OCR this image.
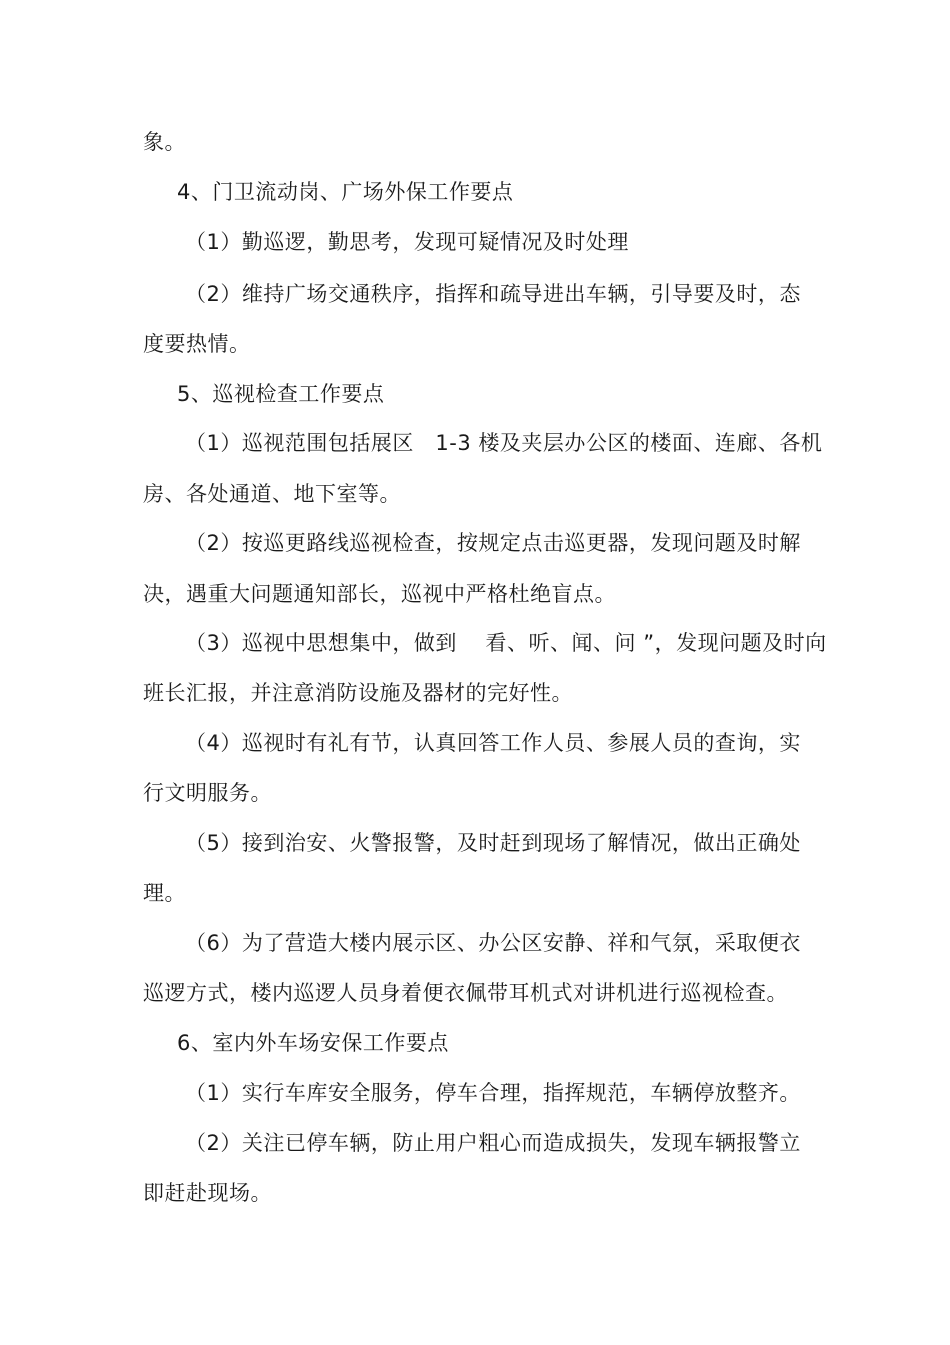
象。
4、门卫流动岗、广场外保工作要点
（1）勤巡逻，勤思考，发现可疑情况及时处理
（2）维持广场交通秩序，指挥和疏导进出车辆，引导要及时，态
度要热情。
5、巡视检查工作要点
（1）巡视范围包括展区   1-3 楼及夹层办公区的楼面、连廊、各机
房、各处通道、地下室等。
（2）按巡更路线巡视检查，按规定点击巡更器，发现问题及时解
决，遇重大问题通知部长，巡视中严格杜绝盲点。
（3）巡视中思想集中，做到    看、听、闻、问 ”，发现问题及时向
班长汇报，并注意消防设施及器材的完好性。
（4）巡视时有礼有节，认真回答工作人员、参展人员的查询，实
行文明服务。
（5）接到治安、火警报警，及时赶到现场了解情况，做出正确处
理。
（6）为了营造大楼内展示区、办公区安静、祥和气氛，采取便衣
巡逻方式，楼内巡逻人员身着便衣佩带耳机式对讲机进行巡视检查。
6、室内外车场安保工作要点
（1）实行车库安全服务，停车合理，指挥规范，车辆停放整齐。
（2）关注已停车辆，防止用户粗心而造成损失，发现车辆报警立
即赶赴现场。
